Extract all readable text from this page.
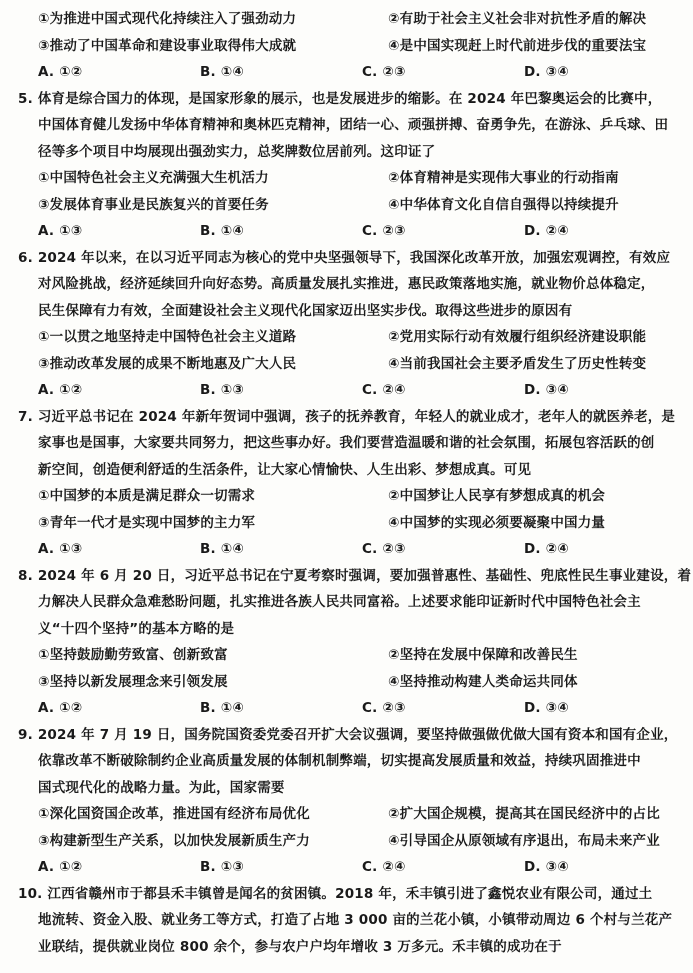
①为推进中国式现代化持续注入了强劲动力	②有助于社会主义社会非对抗性矛盾的解决
③推动了中国革命和建设事业取得伟大成就	④是中国实现赶上时代前进步伐的重要法宝
A. ①②	B. ①④	C. ②③	D. ③④
5. 体育是综合国力的体现，是国家形象的展示，也是发展进步的缩影。在 2024 年巴黎奥运会的比赛中，
中国体育健儿发扬中华体育精神和奥林匹克精神，团结一心、顽强拼搏、奋勇争先，在游泳、乒乓球、田
径等多个项目中均展现出强劲实力，总奖牌数位居前列。这印证了
①中国特色社会主义充满强大生机活力	②体育精神是实现伟大事业的行动指南
③发展体育事业是民族复兴的首要任务	④中华体育文化自信自强得以持续提升
A. ①③	B. ①④	C. ②③	D. ②④
6. 2024 年以来，在以习近平同志为核心的党中央坚强领导下，我国深化改革开放，加强宏观调控，有效应
对风险挑战，经济延续回升向好态势。高质量发展扎实推进，惠民政策落地实施，就业物价总体稳定，
民生保障有力有效，全面建设社会主义现代化国家迈出坚实步伐。取得这些进步的原因有
①一以贯之地坚持走中国特色社会主义道路	②党用实际行动有效履行组织经济建设职能
③推动改革发展的成果不断地惠及广大人民	④当前我国社会主要矛盾发生了历史性转变
A. ①②	B. ①③	C. ②④	D. ③④
7. 习近平总书记在 2024 年新年贺词中强调，孩子的抚养教育，年轻人的就业成才，老年人的就医养老，是
家事也是国事，大家要共同努力，把这些事办好。我们要营造温暖和谐的社会氛围，拓展包容活跃的创
新空间，创造便利舒适的生活条件，让大家心情愉快、人生出彩、梦想成真。可见
①中国梦的本质是满足群众一切需求	②中国梦让人民享有梦想成真的机会
③青年一代才是实现中国梦的主力军	④中国梦的实现必须要凝聚中国力量
A. ①③	B. ①④	C. ②③	D. ②④
8. 2024 年 6 月 20 日，习近平总书记在宁夏考察时强调，要加强普惠性、基础性、兜底性民生事业建设，着
力解决人民群众急难愁盼问题，扎实推进各族人民共同富裕。上述要求能印证新时代中国特色社会主
义“十四个坚持”的基本方略的是
①坚持鼓励勤劳致富、创新致富	②坚持在发展中保障和改善民生
③坚持以新发展理念来引领发展	④坚持推动构建人类命运共同体
A. ①②	B. ①④	C. ②③	D. ③④
9. 2024 年 7 月 19 日，国务院国资委党委召开扩大会议强调，要坚持做强做优做大国有资本和国有企业，
依靠改革不断破除制约企业高质量发展的体制机制弊端，切实提高发展质量和效益，持续巩固推进中
国式现代化的战略力量。为此，国家需要
①深化国资国企改革，推进国有经济布局优化	②扩大国企规模，提高其在国民经济中的占比
③构建新型生产关系，以加快发展新质生产力	④引导国企从原领域有序退出，布局未来产业
A. ①②	B. ①③	C. ②④	D. ③④
10. 江西省赣州市于都县禾丰镇曾是闻名的贫困镇。2018 年，禾丰镇引进了鑫悦农业有限公司，通过土
地流转、资金入股、就业务工等方式，打造了占地 3 000 亩的兰花小镇，小镇带动周边 6 个村与兰花产
业联结，提供就业岗位 800 余个，参与农户户均年增收 3 万多元。禾丰镇的成功在于
